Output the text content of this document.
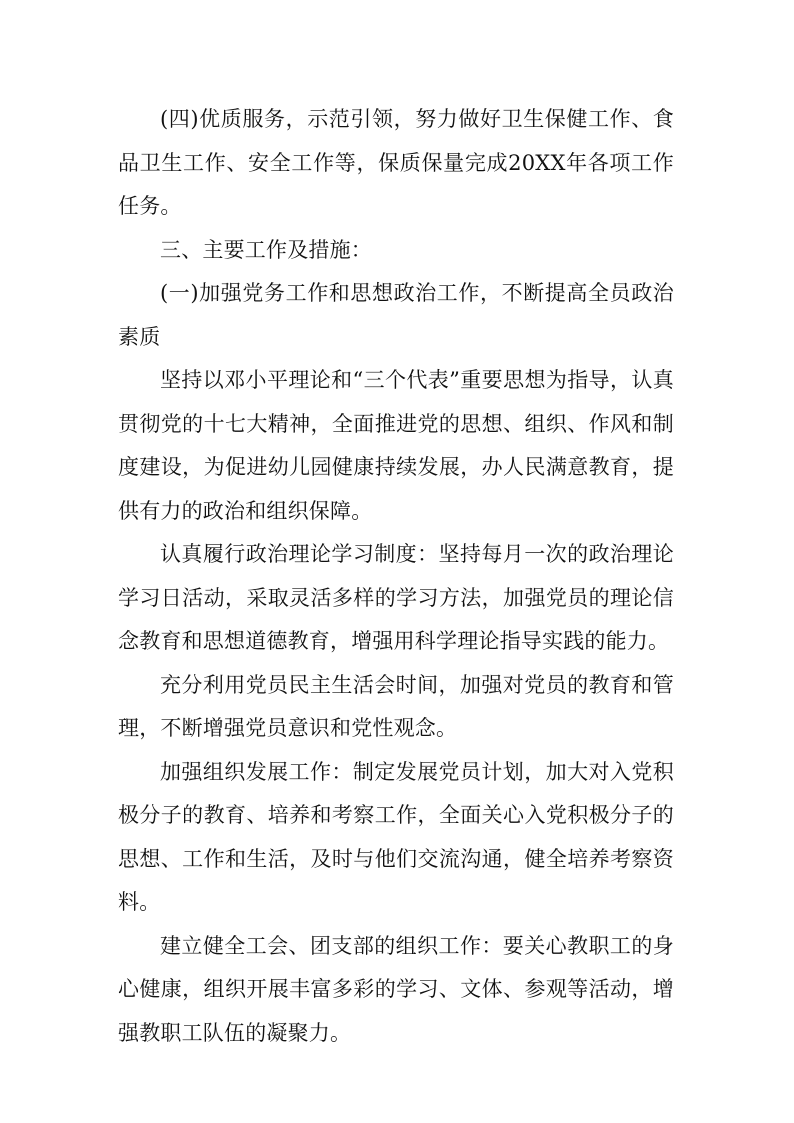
(四)优质服务，示范引领，努力做好卫生保健工作、食品卫生工作、安全工作等，保质保量完成20XX年各项工作任务。

三、主要工作及措施：

(一)加强党务工作和思想政治工作，不断提高全员政治素质

坚持以邓小平理论和“三个代表”重要思想为指导，认真贯彻党的十七大精神，全面推进党的思想、组织、作风和制度建设，为促进幼儿园健康持续发展，办人民满意教育，提供有力的政治和组织保障。

认真履行政治理论学习制度：坚持每月一次的政治理论学习日活动，采取灵活多样的学习方法，加强党员的理论信念教育和思想道德教育，增强用科学理论指导实践的能力。

充分利用党员民主生活会时间，加强对党员的教育和管理，不断增强党员意识和党性观念。

加强组织发展工作：制定发展党员计划，加大对入党积极分子的教育、培养和考察工作，全面关心入党积极分子的思想、工作和生活，及时与他们交流沟通，健全培养考察资料。

建立健全工会、团支部的组织工作：要关心教职工的身心健康，组织开展丰富多彩的学习、文体、参观等活动，增强教职工队伍的凝聚力。
